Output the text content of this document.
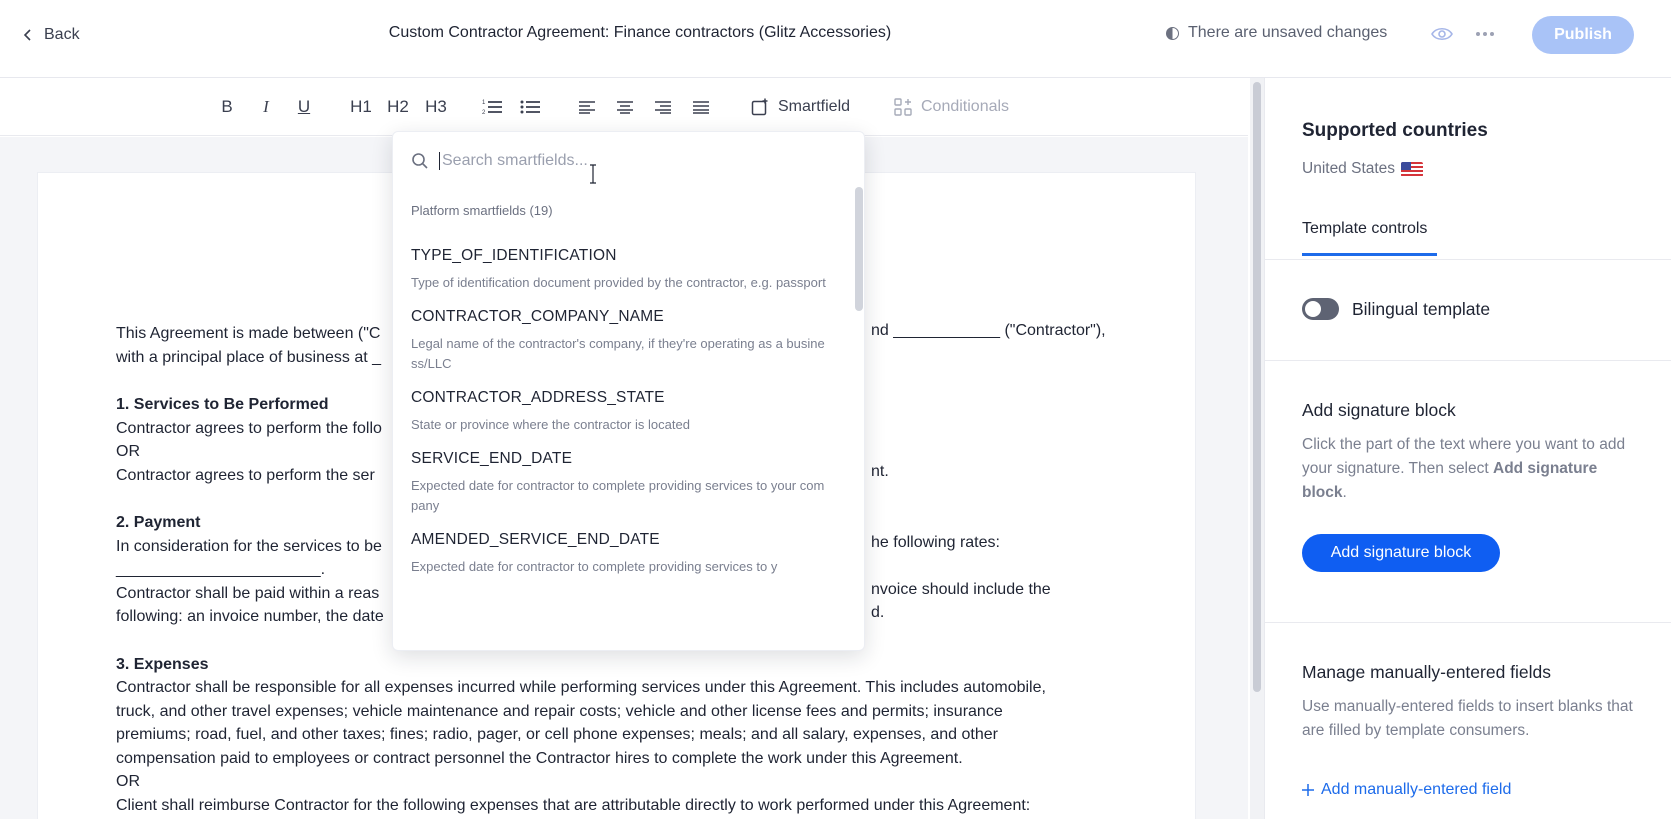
Back	Custom Contractor Agreement: Finance contractors (Glitz Accessories)	There are unsaved changes	Publish
B	I	U H1 H2 H3	1
2	Smartfield	Conditionals

This Agreement is made between ("C

with a principal place of business at _

1. Services to Be Performed

Contractor agrees to perform the follo

OR

Contractor agrees to perform the ser

2. Payment

In consideration for the services to be

_______________________.

Contractor shall be paid within a reas

following: an invoice number, the date

3. Expenses

Contractor shall be responsible for all expenses incurred while performing services under this Agreement. This includes automobile,

truck, and other travel expenses; vehicle maintenance and repair costs; vehicle and other license fees and permits; insurance

premiums; road, fuel, and other taxes; fines; radio, pager, or cell phone expenses; meals; and all salary, expenses, and other

compensation paid to employees or contract personnel the Contractor hires to complete the work under this Agreement.

OR

Client shall reimburse Contractor for the following expenses that are attributable directly to work performed under this Agreement:

nd ____________ ("Contractor"),
nt.
he following rates:
nvoice should include the
d.
Search smartfields...
Platform smartfields (19)
TYPE_OF_IDENTIFICATION
Type of identification document provided by the contractor, e.g. passport
CONTRACTOR_COMPANY_NAME
Legal name of the contractor's company, if they're operating as a business/LLC
CONTRACTOR_ADDRESS_STATE
State or province where the contractor is located
SERVICE_END_DATE
Expected date for contractor to complete providing services to your company
AMENDED_SERVICE_END_DATE
Expected date for contractor to complete providing services to y
Supported countries
United States
Template controls
Bilingual template
Add signature block
Click the part of the text where you want to add your signature. Then select Add signature block.
Add signature block
Manage manually-entered fields
Use manually-entered fields to insert blanks that are filled by template consumers.
Add manually-entered field
